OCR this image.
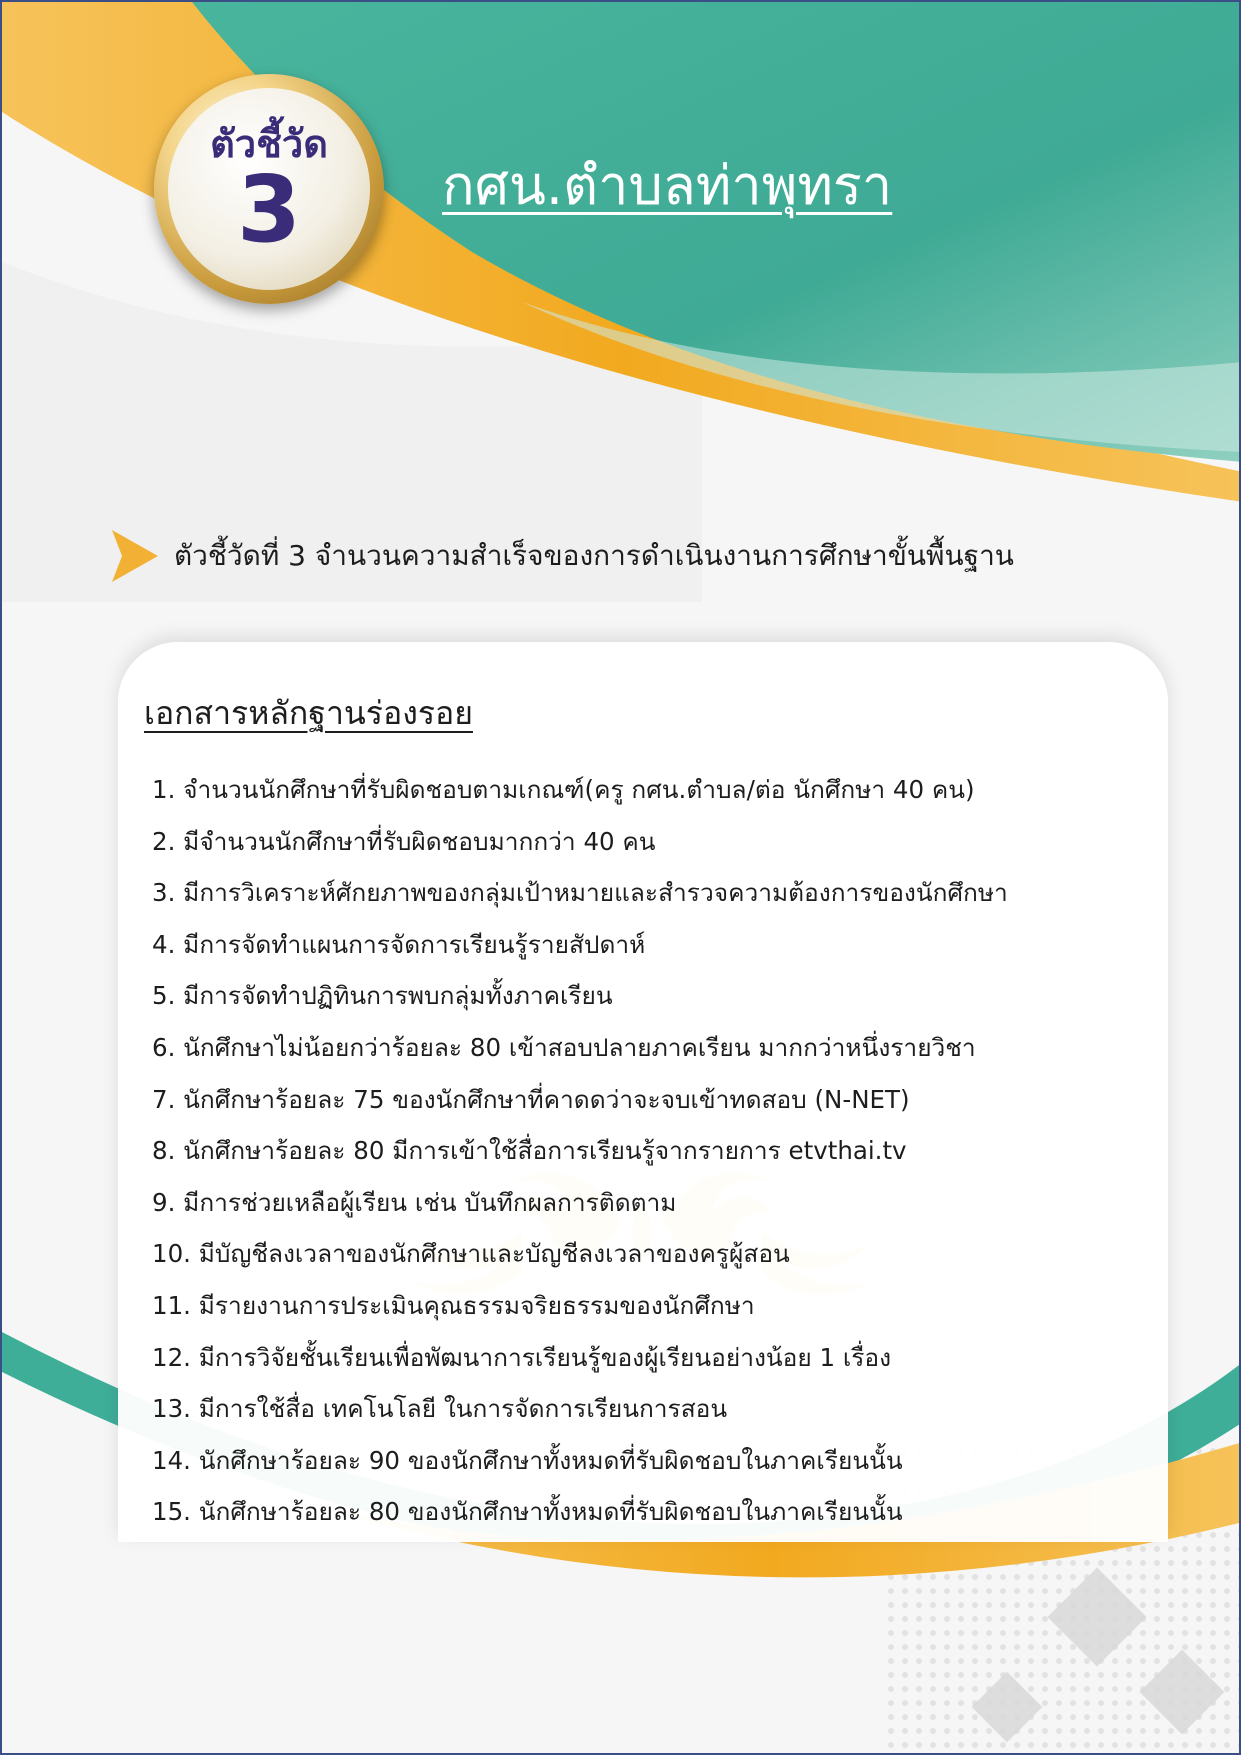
ตัวชี้วัด
3	กศน.ตำบลท่าพุทรา
ตัวชี้วัดที่ 3 จำนวนความสำเร็จของการดำเนินงานการศึกษาขั้นพื้นฐาน
เอกสารหลักฐานร่องรอย
1. จำนวนนักศึกษาที่รับผิดชอบตามเกณฑ์(ครู กศน.ตำบล/ต่อ นักศึกษา 40 คน)
2. มีจำนวนนักศึกษาที่รับผิดชอบมากกว่า 40 คน
3. มีการวิเคราะห์ศักยภาพของกลุ่มเป้าหมายและสำรวจความต้องการของนักศึกษา
4. มีการจัดทำแผนการจัดการเรียนรู้รายสัปดาห์
5. มีการจัดทำปฏิทินการพบกลุ่มทั้งภาคเรียน
6. นักศึกษาไม่น้อยกว่าร้อยละ 80 เข้าสอบปลายภาคเรียน มากกว่าหนึ่งรายวิชา
7. นักศึกษาร้อยละ 75 ของนักศึกษาที่คาดดว่าจะจบเข้าทดสอบ (N-NET)
8. นักศึกษาร้อยละ 80 มีการเข้าใช้สื่อการเรียนรู้จากรายการ etvthai.tv
9. มีการช่วยเหลือผู้เรียน เช่น บันทึกผลการติดตาม
10. มีบัญชีลงเวลาของนักศึกษาและบัญชีลงเวลาของครูผู้สอน
11. มีรายงานการประเมินคุณธรรมจริยธรรมของนักศึกษา
12. มีการวิจัยชั้นเรียนเพื่อพัฒนาการเรียนรู้ของผู้เรียนอย่างน้อย 1 เรื่อง
13. มีการใช้สื่อ เทคโนโลยี ในการจัดการเรียนการสอน
14. นักศึกษาร้อยละ 90 ของนักศึกษาทั้งหมดที่รับผิดชอบในภาคเรียนนั้น
15. นักศึกษาร้อยละ 80 ของนักศึกษาทั้งหมดที่รับผิดชอบในภาคเรียนนั้น
